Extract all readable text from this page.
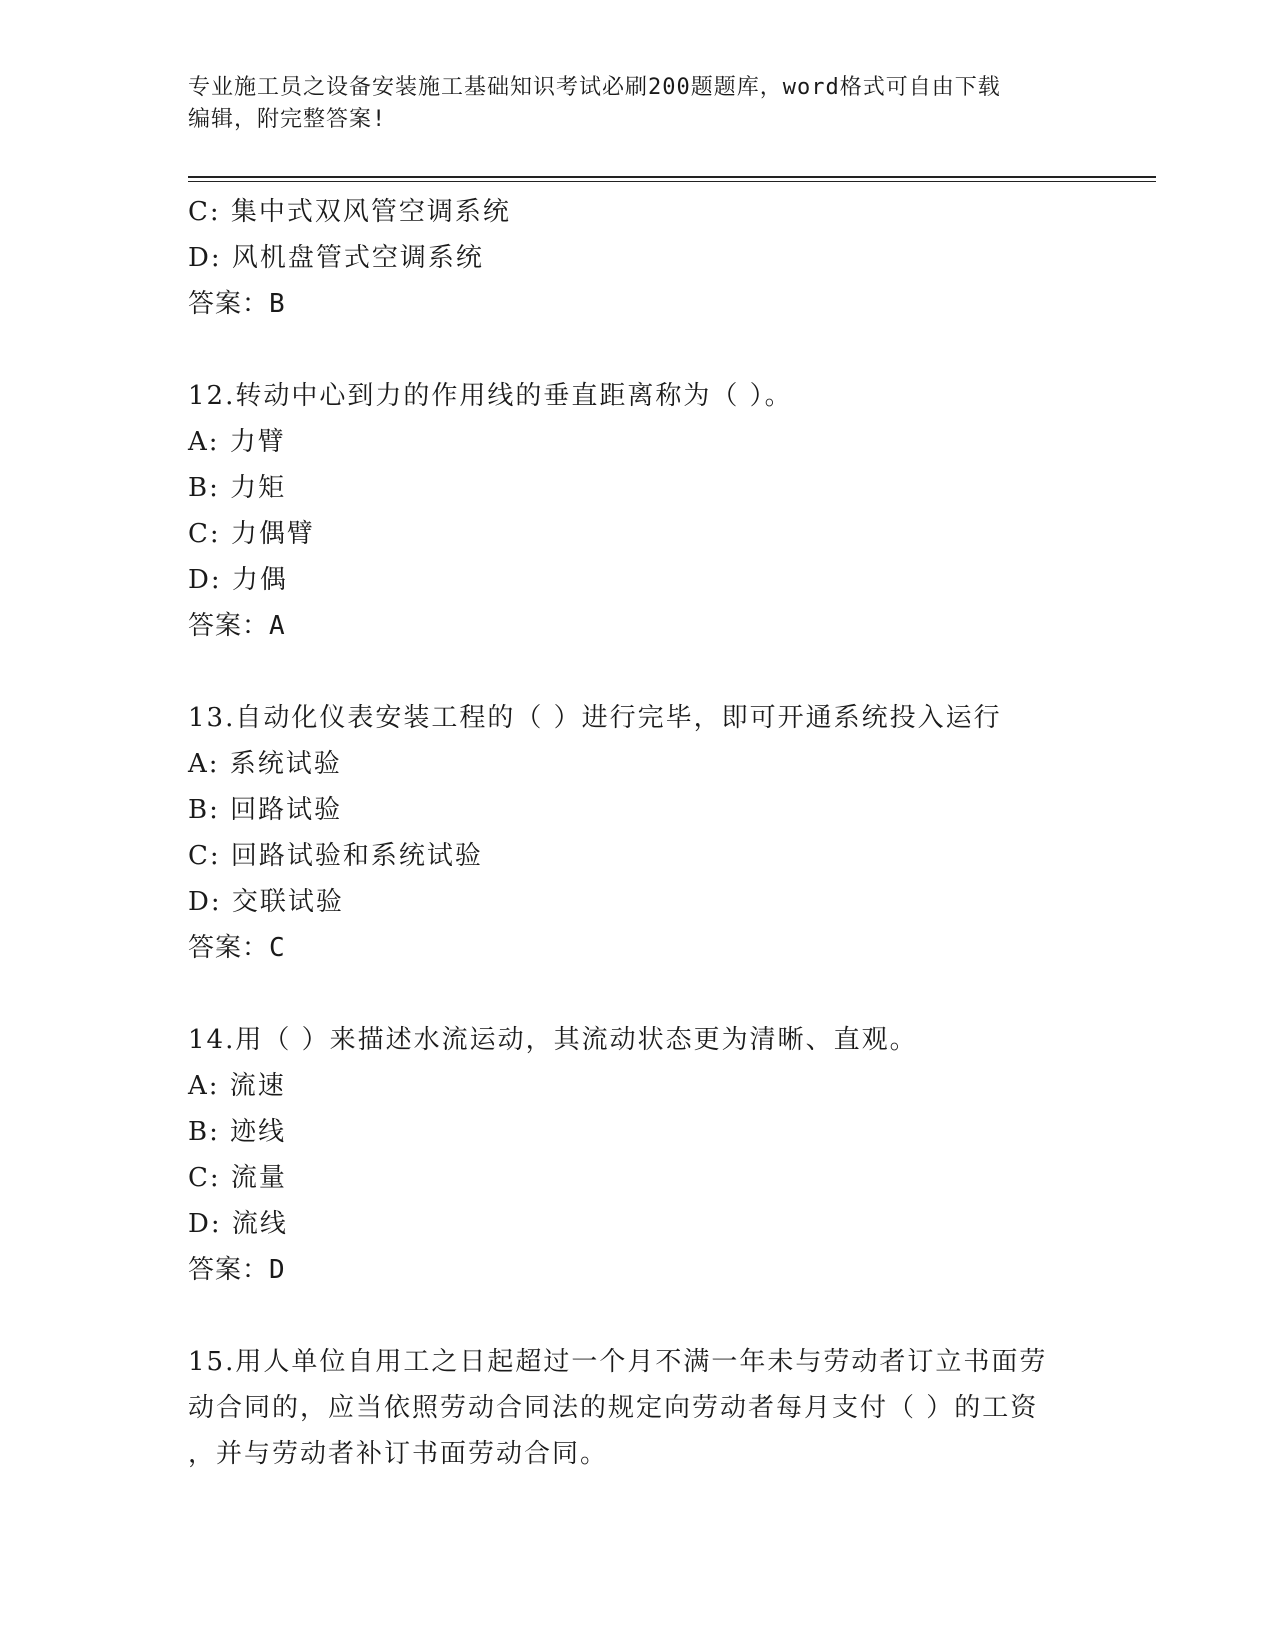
专业施工员之设备安装施工基础知识考试必刷200题题库，word格式可自由下载
编辑，附完整答案!
C: 集中式双风管空调系统
D: 风机盘管式空调系统
答案：B
12.转动中心到力的作用线的垂直距离称为（ ）。
A: 力臂
B: 力矩
C: 力偶臂
D: 力偶
答案：A
13.自动化仪表安装工程的（ ）进行完毕，即可开通系统投入运行
A: 系统试验
B: 回路试验
C: 回路试验和系统试验
D: 交联试验
答案：C
14.用（ ）来描述水流运动，其流动状态更为清晰、直观。
A: 流速
B: 迹线
C: 流量
D: 流线
答案：D
15.用人单位自用工之日起超过一个月不满一年未与劳动者订立书面劳
动合同的，应当依照劳动合同法的规定向劳动者每月支付（ ）的工资
，并与劳动者补订书面劳动合同。
